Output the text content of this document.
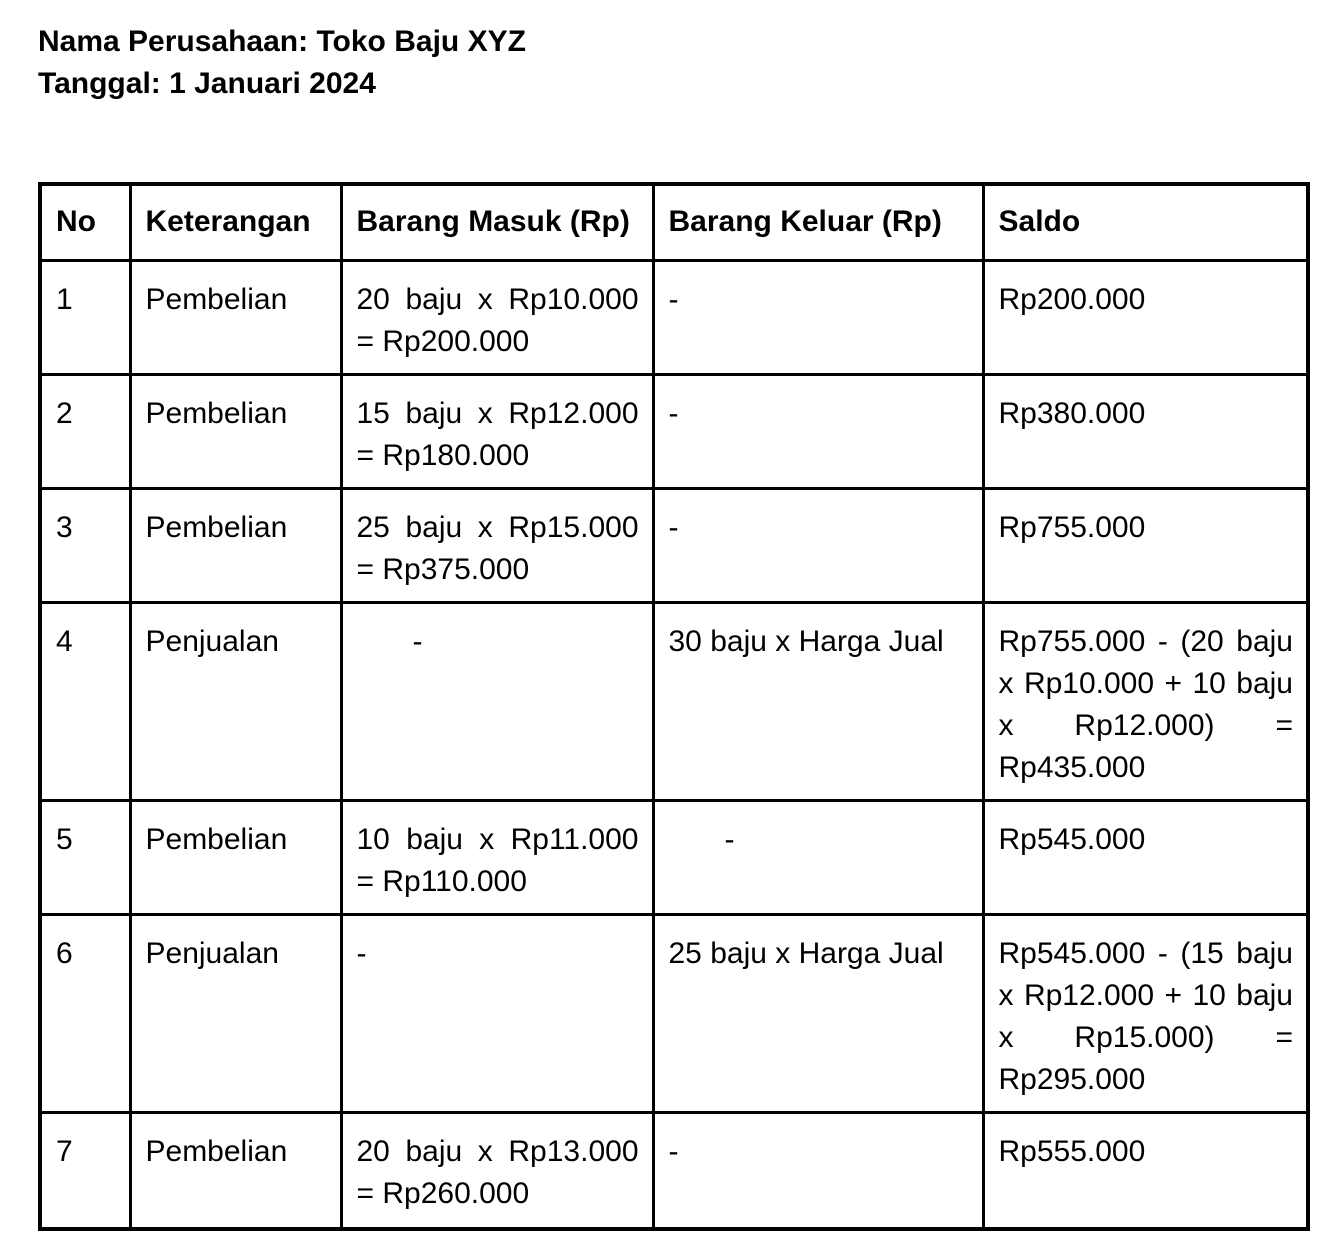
Nama Perusahaan: Toko Baju XYZ
Tanggal: 1 Januari 2024
No	Keterangan	Barang Masuk (Rp)	Barang Keluar (Rp)	Saldo
1	Pembelian	20 baju x Rp10.000 = Rp200.000	-	Rp200.000
2	Pembelian	15 baju x Rp12.000 = Rp180.000	-	Rp380.000
3	Pembelian	25 baju x Rp15.000 = Rp375.000	-	Rp755.000
4	Penjualan	-	30 baju x Harga Jual	Rp755.000 - (20 baju x Rp10.000 + 10 baju x Rp12.000) = Rp435.000
5	Pembelian	10 baju x Rp11.000 = Rp110.000	-	Rp545.000
6	Penjualan	-	25 baju x Harga Jual	Rp545.000 - (15 baju x Rp12.000 + 10 baju x Rp15.000) = Rp295.000
7	Pembelian	20 baju x Rp13.000 = Rp260.000	-	Rp555.000
